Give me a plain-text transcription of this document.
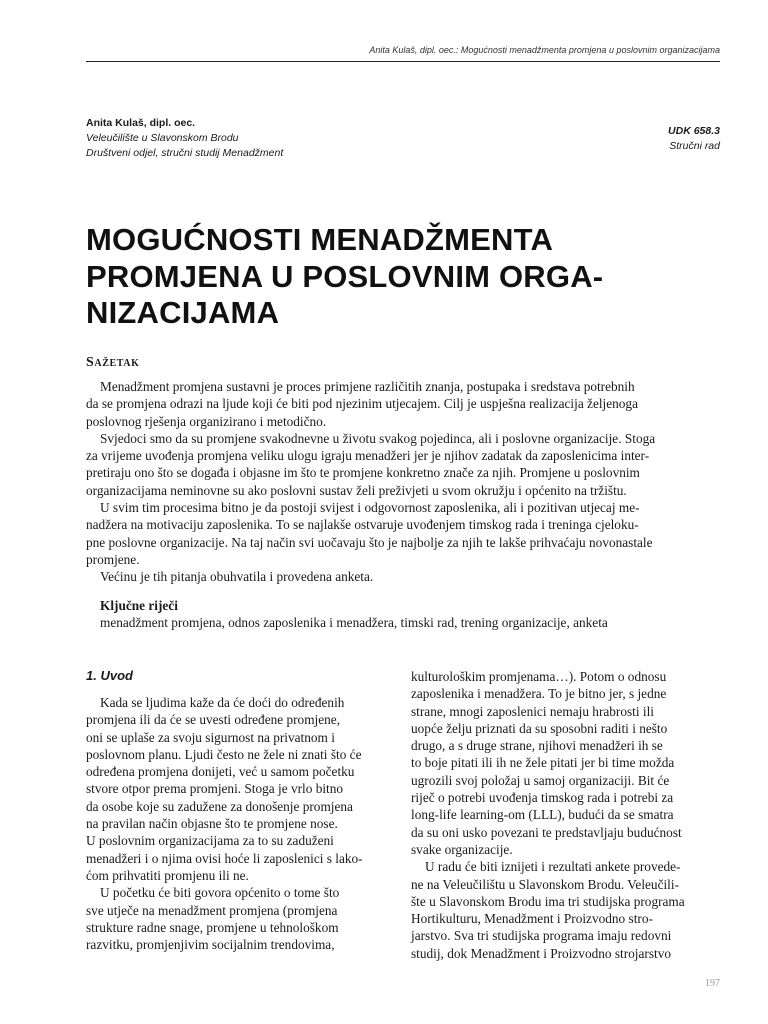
Anita Kulaš, dipl. oec.: Mogućnosti menadžmenta promjena u poslovnim organizacijama
Anita Kulaš, dipl. oec.
Veleučilište u Slavonskom Brodu
Društveni odjel, stručni studij Menadžment
UDK 658.3
Stručni rad
MOGUĆNOSTI MENADŽMENTA
PROMJENA U POSLOVNIM ORGA-
NIZACIJAMA
Sažetak
Menadžment promjena sustavni je proces primjene različitih znanja, postupaka i sredstava potrebnih
da se promjena odrazi na ljude koji će biti pod njezinim utjecajem. Cilj je uspješna realizacija željenoga
poslovnog rješenja organizirano i metodično.
Svjedoci smo da su promjene svakodnevne u životu svakog pojedinca, ali i poslovne organizacije. Stoga
za vrijeme uvođenja promjena veliku ulogu igraju menadžeri jer je njihov zadatak da zaposlenicima inter-
pretiraju ono što se događa i objasne im što te promjene konkretno znače za njih. Promjene u poslovnim
organizacijama neminovne su ako poslovni sustav želi preživjeti u svom okružju i općenito na tržištu.
U svim tim procesima bitno je da postoji svijest i odgovornost zaposlenika, ali i pozitivan utjecaj me-
nadžera na motivaciju zaposlenika. To se najlakše ostvaruje uvođenjem timskog rada i treninga cjeloku-
pne poslovne organizacije. Na taj način svi uočavaju što je najbolje za njih te lakše prihvaćaju novonastale
promjene.
Većinu je tih pitanja obuhvatila i provedena anketa.
Ključne riječi
menadžment promjena, odnos zaposlenika i menadžera, timski rad, trening organizacije, anketa
1. Uvod
Kada se ljudima kaže da će doći do određenih
promjena ili da će se uvesti određene promjene,
oni se uplaše za svoju sigurnost na privatnom i
poslovnom planu. Ljudi često ne žele ni znati što će
određena promjena donijeti, već u samom početku
stvore otpor prema promjeni. Stoga je vrlo bitno
da osobe koje su zadužene za donošenje promjena
na pravilan način objasne što te promjene nose.
U poslovnim organizacijama za to su zaduženi
menadžeri i o njima ovisi hoće li zaposlenici s lako-
ćom prihvatiti promjenu ili ne.
U početku će biti govora općenito o tome što
sve utječe na menadžment promjena (promjena
strukture radne snage, promjene u tehnološkom
razvitku, promjenjivim socijalnim trendovima,
kulturološkim promjenama…). Potom o odnosu
zaposlenika i menadžera. To je bitno jer, s jedne
strane, mnogi zaposlenici nemaju hrabrosti ili
uopće želju priznati da su sposobni raditi i nešto
drugo, a s druge strane, njihovi menadžeri ih se
to boje pitati ili ih ne žele pitati jer bi time možda
ugrozili svoj položaj u samoj organizaciji. Bit će
riječ o potrebi uvođenja timskog rada i potrebi za
long-life learning-om (LLL), budući da se smatra
da su oni usko povezani te predstavljaju budućnost
svake organizacije.
U radu će biti iznijeti i rezultati ankete provede-
ne na Veleučilištu u Slavonskom Brodu. Veleučili-
šte u Slavonskom Brodu ima tri studijska programa
Hortikulturu, Menadžment i Proizvodno stro-
jarstvo. Sva tri studijska programa imaju redovni
studij, dok Menadžment i Proizvodno strojarstvo
197
